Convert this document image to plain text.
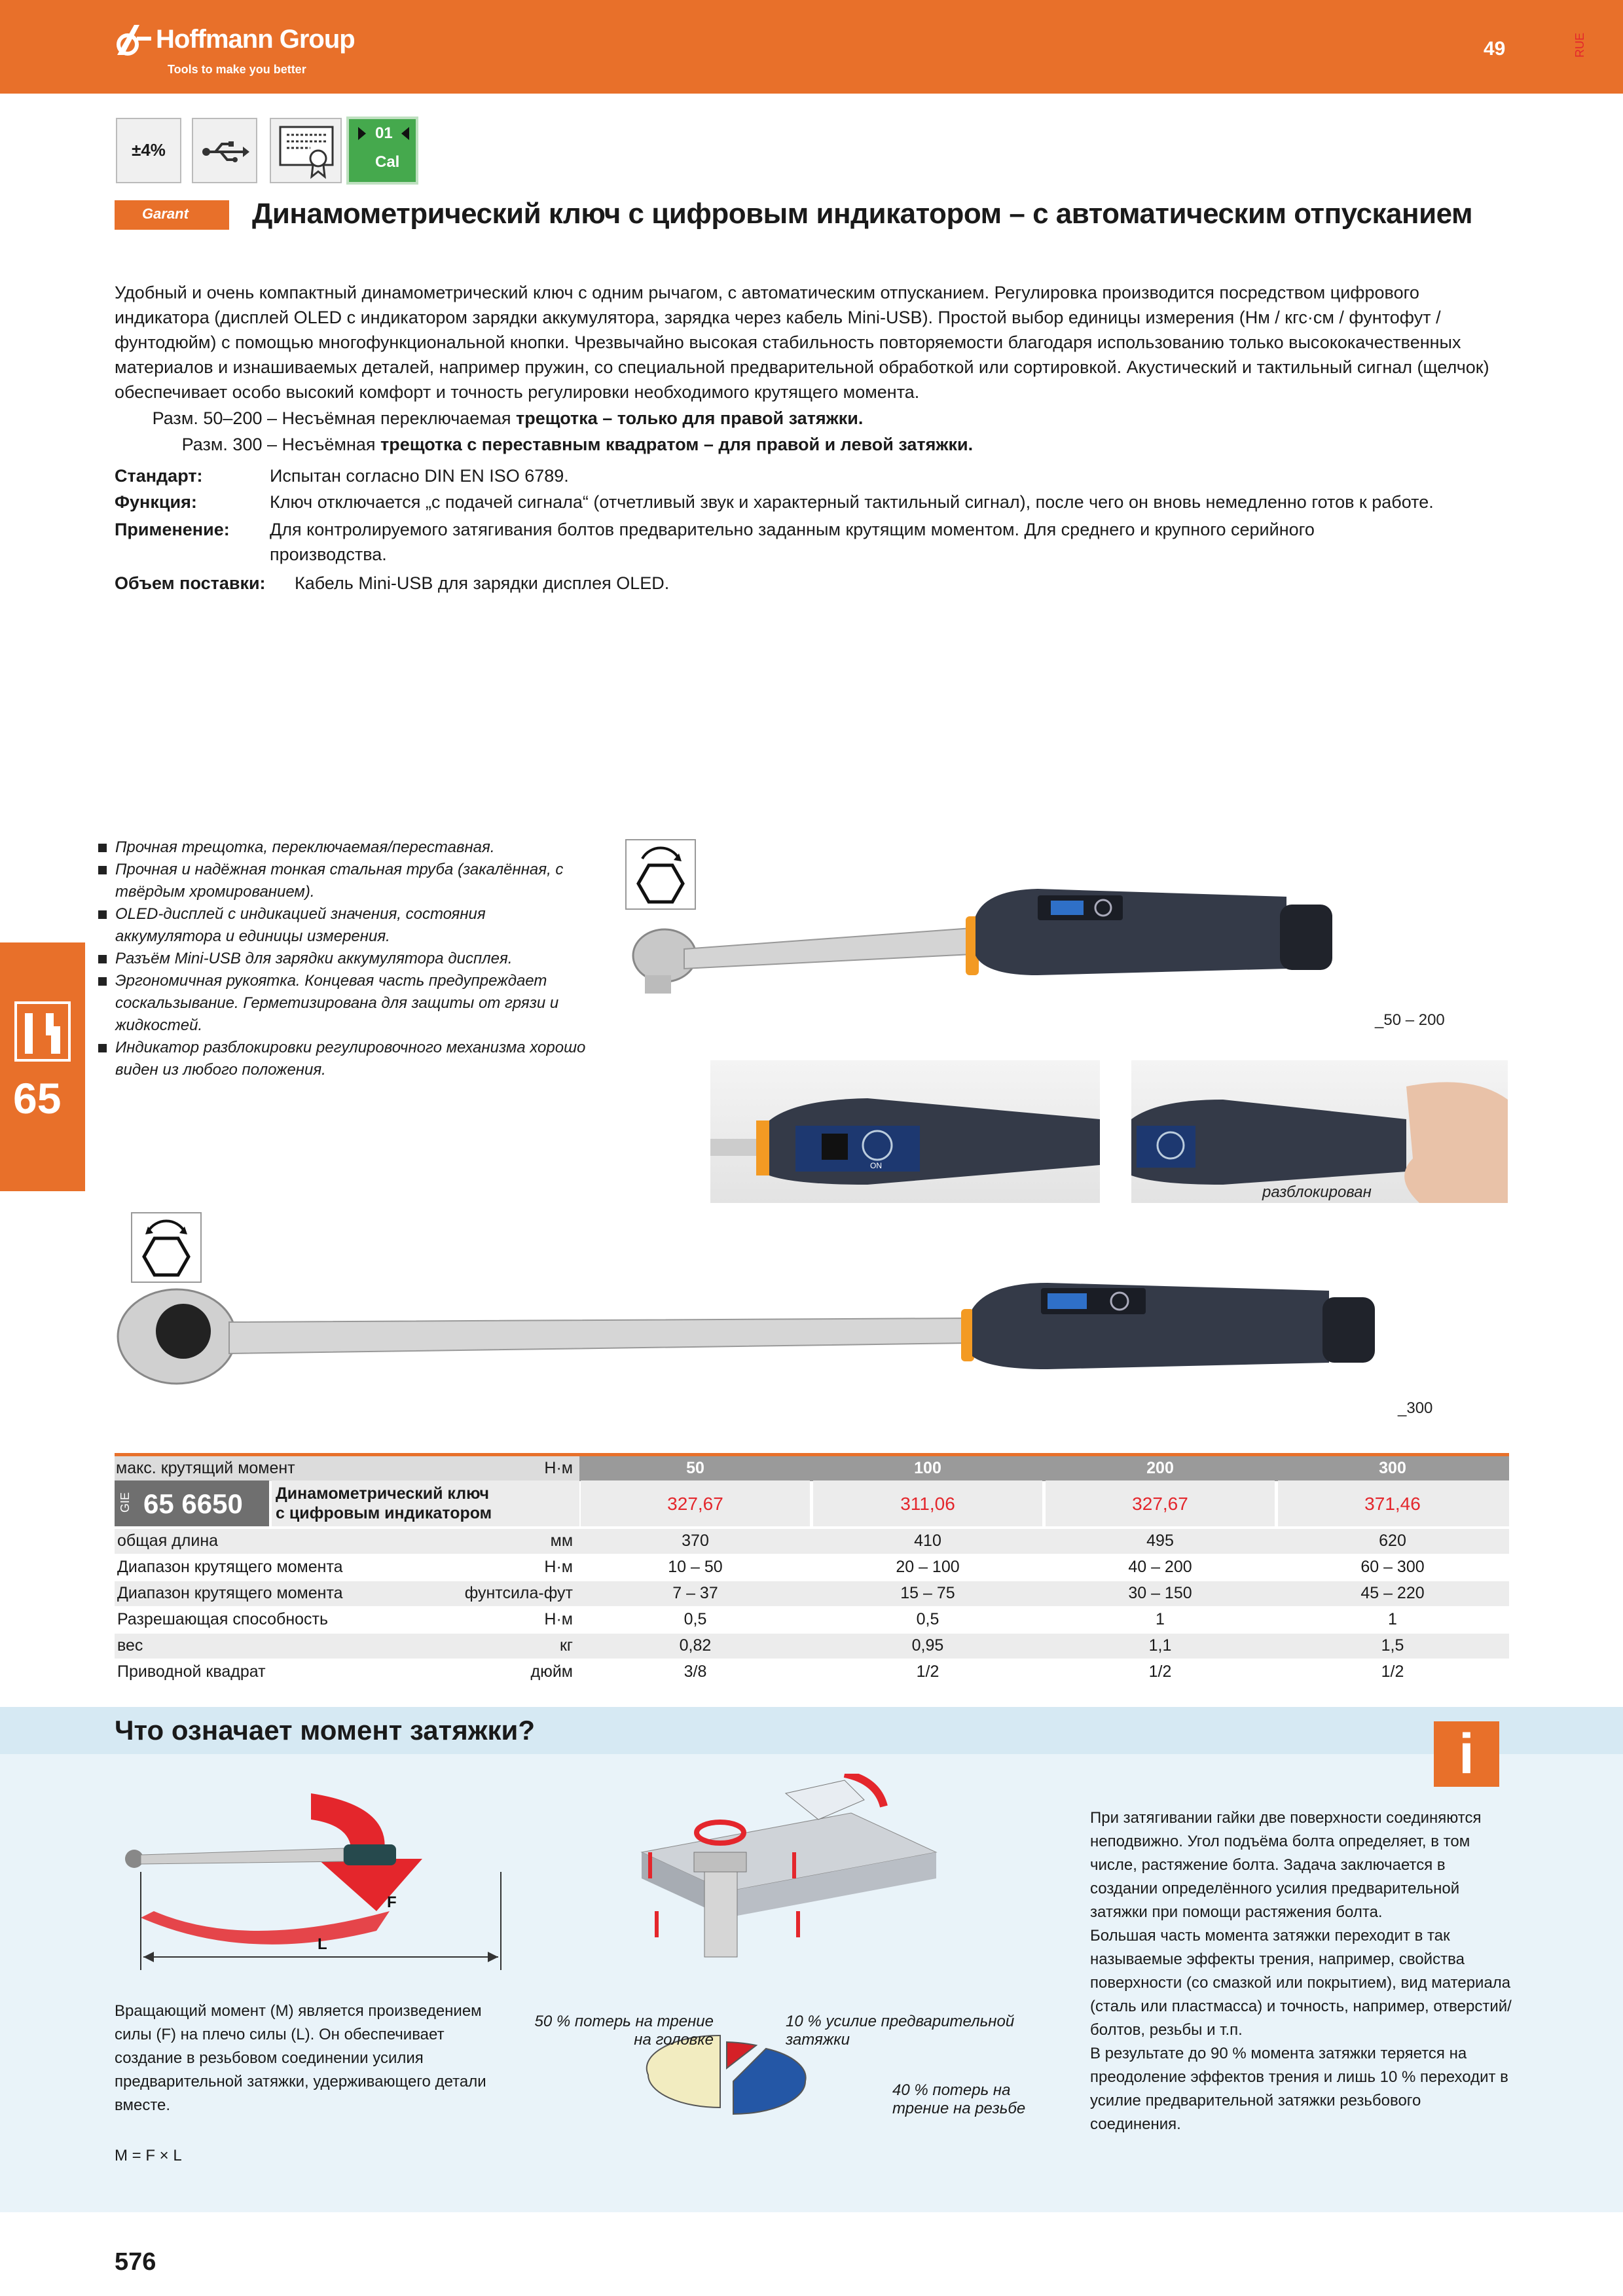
Hoffmann Group
Tools to make you better
49	RUE
±4%
01
Cal
Garant	Динамометрический ключ с цифровым индикатором – с автоматическим отпусканием
Удобный и очень компактный динамометрический ключ с одним рычагом, с автоматическим отпусканием. Регулировка производится посредством цифрового индикатора (дисплей OLED с индикатором зарядки аккумулятора, зарядка через кабель Mini-USB). Простой выбор единицы измерения (Нм / кгс·см / фунтофут / фунтодюйм) с помощью многофункциональной кнопки. Чрезвычайно высокая стабильность повторяемости благодаря использованию только высококачественных материалов и изнашиваемых деталей, например пружин, со специальной предварительной обработкой или сортировкой. Акустический и тактильный сигнал (щелчок) обеспечивает особо высокий комфорт и точность регулировки необходимого крутящего момента.
Разм. 50–200 – Несъёмная переключаемая трещотка – только для правой затяжки.
Разм. 300 – Несъёмная трещотка с переставным квадратом – для правой и левой затяжки.
Стандарт:	Испытан согласно DIN EN ISO 6789.
Функция:	Ключ отключается „с подачей сигнала“ (отчетливый звук и характерный тактильный сигнал), после чего он вновь немедленно готов к работе.
Применение: Для контролируемого затягивания болтов предварительно заданным крутящим моментом. Для среднего и крупного серийного производства.
Объем поставки: Кабель Mini-USB для зарядки дисплея OLED.
Прочная трещотка, переключаемая/переставная.
Прочная и надёжная тонкая стальная труба (закалённая, с твёрдым хромированием).
OLED-дисплей с индикацией значения, состояния аккумулятора и единицы измерения.
Разъём Mini-USB для зарядки аккумулятора дисплея.
Эргономичная рукоятка. Концевая часть предупреждает соскальзывание. Герметизирована для защиты от грязи и жидкостей.
Индикатор разблокировки регулировочного механизма хорошо виден из любого положения.
65
_50 – 200
ON
разблокирован
_300
макс. крутящий момент	Н·м	50	100	200	300
GIE 65 6650 Динамометрический ключ
с цифровым индикатором	327,67	311,06	327,67	371,46
общая длина	мм	370	410	495	620
Диапазон крутящего момента	Н·м	10 – 50	20 – 100	40 – 200	60 – 300
Диапазон крутящего момента	фунтсила-фут	7 – 37	15 – 75	30 – 150	45 – 220
Разрешающая способность	Н·м	0,5	0,5	1	1
вес	кг	0,82	0,95	1,1	1,5
Приводной квадрат	дюйм	3/8	1/2	1/2	1/2
Что означает момент затяжки?	i
F
L
Вращающий момент (M) является произведением силы (F) на плечо силы (L). Он обеспечивает создание в резьбовом соединении усилия предварительной затяжки, удерживающего детали вместе.
M = F × L
50 % потерь на трение на головке
10 % усилие предварительной затяжки
40 % потерь на трение на резьбе

При затягивании гайки две поверхности соединяются неподвижно. Угол подъёма болта определяет, в том числе, растяжение болта. Задача заключается в создании определённого усилия предварительной затяжки при помощи растяжения болта.

Большая часть момента затяжки переходит в так называемые эффекты трения, например, свойства поверхности (со смазкой или покрытием), вид материала (сталь или пластмасса) и точность, например, отверстий/болтов, резьбы и т.п.

В результате до 90 % момента затяжки теряется на преодоление эффектов трения и лишь 10 % переходит в усилие предварительной затяжки резьбового соединения.

576
